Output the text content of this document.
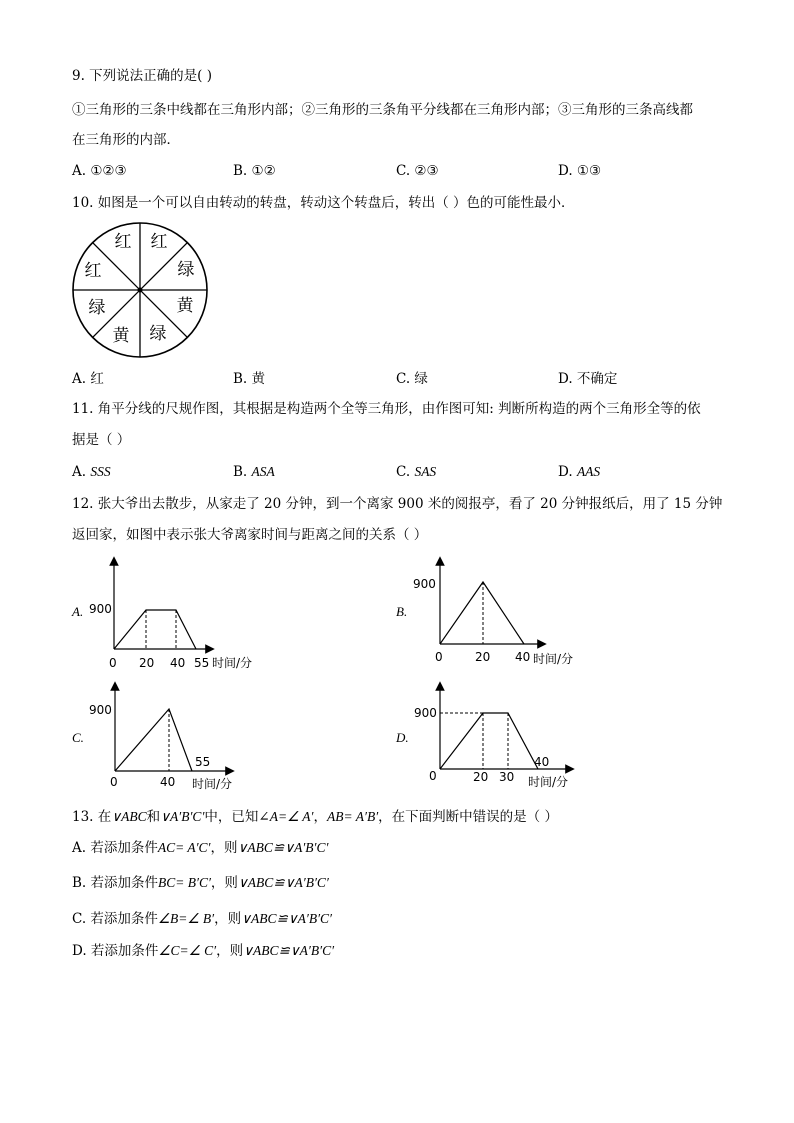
9. 下列说法正确的是( )
①三角形的三条中线都在三角形内部；②三角形的三条角平分线都在三角形内部；③三角形的三条高线都
在三角形的内部．
A. ①②③	B. ①②	C. ②③	D. ①③
10. 如图是一个可以自由转动的转盘，转动这个转盘后，转出（ ）色的可能性最小．
红 红
绿
黄
绿
黄
绿
红
A. 红	B. 黄	C. 绿	D. 不确定
11. 角平分线的尺规作图，其根据是构造两个全等三角形，由作图可知: 判断所构造的两个三角形全等的依
据是（ ）
A. SSS	B. ASA	C. SAS	D. AAS
12. 张大爷出去散步，从家走了 20 分钟，到一个离家 900 米的阅报亭，看了 20 分钟报纸后，用了 15 分钟
返回家，如图中表示张大爷离家时间与距离之间的关系（ ）
A. 900
0 20 40 55 时间/分
B.
900
0	20 40 时间/分
C.
900
0	40
55
时间/分
D.
900
0	20 30
40
时间/分
13. 在∨ABC和∨A′B′C′中，已知∠A=∠ A′，AB= A′B′，在下面判断中错误的是（ ）
A. 若添加条件AC= A′C′，则∨ABC≌∨A′B′C′
B. 若添加条件BC= B′C′，则∨ABC≌∨A′B′C′
C. 若添加条件∠B=∠ B′，则∨ABC≌∨A′B′C′
D. 若添加条件∠C=∠ C′，则∨ABC≌∨A′B′C′
